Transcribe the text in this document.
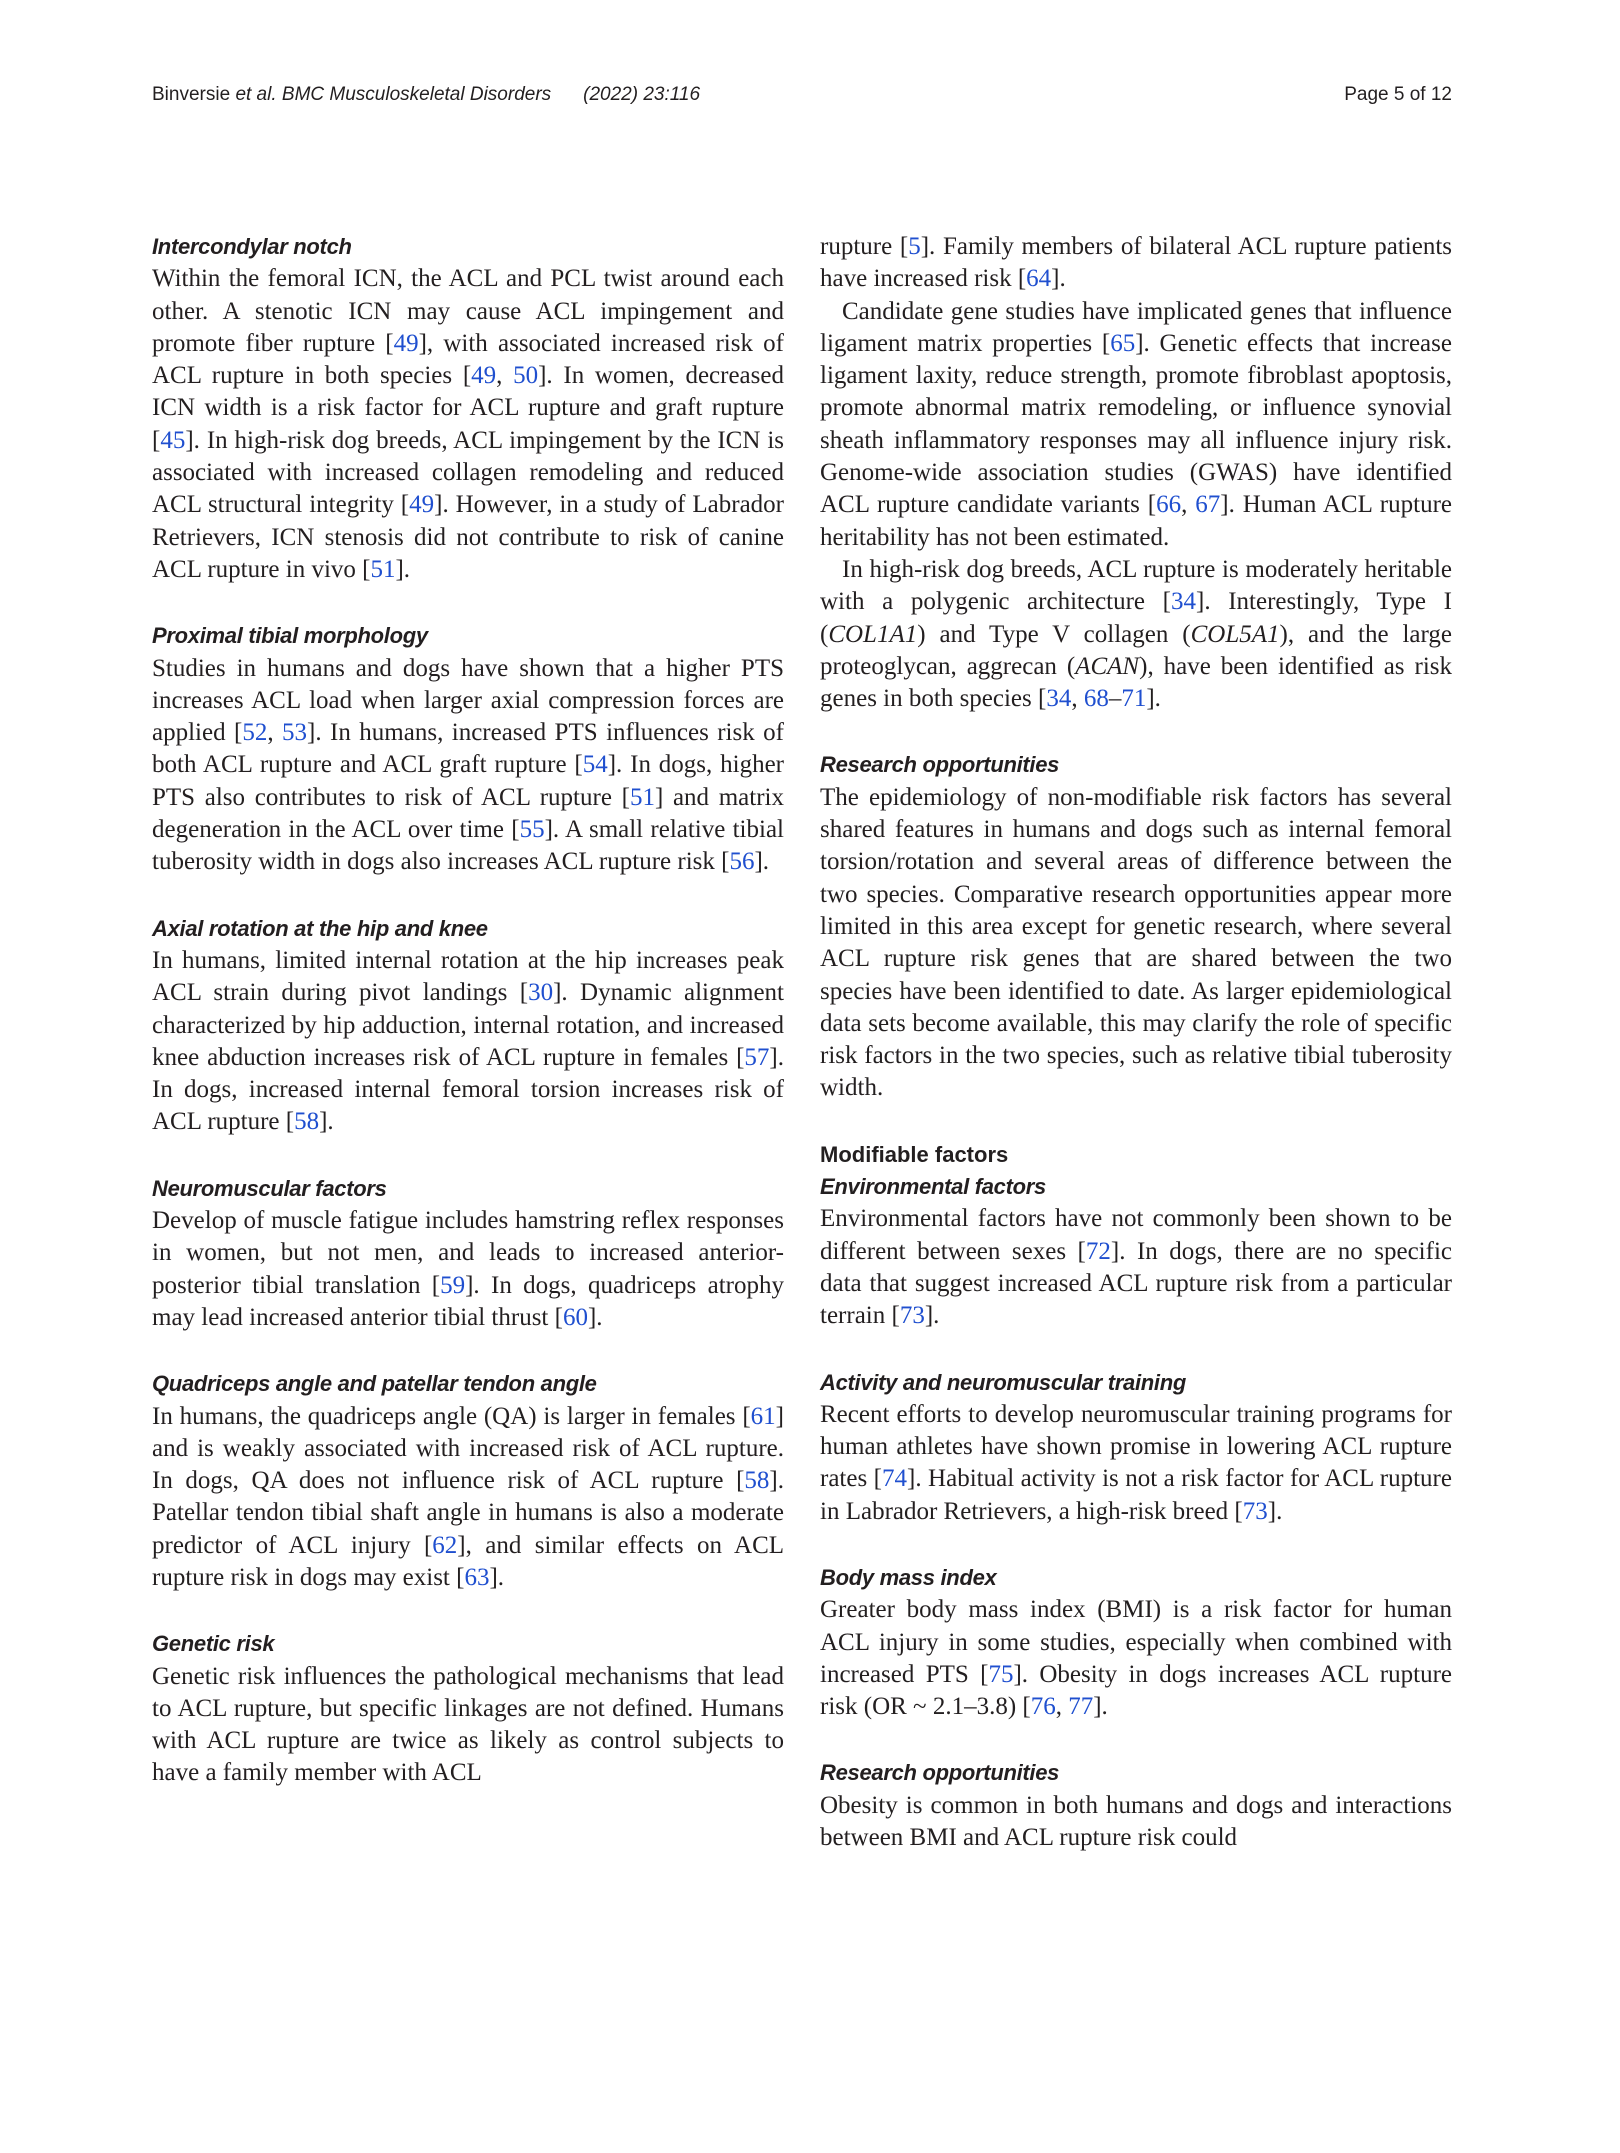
Binversie et al. BMC Musculoskeletal Disorders (2022) 23:116	Page 5 of 12
Intercondylar notch

Within the femoral ICN, the ACL and PCL twist around each other. A stenotic ICN may cause ACL impingement and promote fiber rupture [49], with associated increased risk of ACL rupture in both species [49, 50]. In women, decreased ICN width is a risk factor for ACL rupture and graft rupture [45]. In high-risk dog breeds, ACL impingement by the ICN is associated with increased collagen remodeling and reduced ACL structural integrity [49]. However, in a study of Labrador Retrievers, ICN stenosis did not contribute to risk of canine ACL rupture in vivo [51].

Proximal tibial morphology

Studies in humans and dogs have shown that a higher PTS increases ACL load when larger axial compression forces are applied [52, 53]. In humans, increased PTS influences risk of both ACL rupture and ACL graft rupture [54]. In dogs, higher PTS also contributes to risk of ACL rupture [51] and matrix degeneration in the ACL over time [55]. A small relative tibial tuberosity width in dogs also increases ACL rupture risk [56].

Axial rotation at the hip and knee

In humans, limited internal rotation at the hip increases peak ACL strain during pivot landings [30]. Dynamic alignment characterized by hip adduction, internal rotation, and increased knee abduction increases risk of ACL rupture in females [57]. In dogs, increased internal femoral torsion increases risk of ACL rupture [58].

Neuromuscular factors

Develop of muscle fatigue includes hamstring reflex responses in women, but not men, and leads to increased anterior-posterior tibial translation [59]. In dogs, quadriceps atrophy may lead increased anterior tibial thrust [60].

Quadriceps angle and patellar tendon angle

In humans, the quadriceps angle (QA) is larger in females [61] and is weakly associated with increased risk of ACL rupture. In dogs, QA does not influence risk of ACL rupture [58]. Patellar tendon tibial shaft angle in humans is also a moderate predictor of ACL injury [62], and similar effects on ACL rupture risk in dogs may exist [63].

Genetic risk

Genetic risk influences the pathological mechanisms that lead to ACL rupture, but specific linkages are not defined. Humans with ACL rupture are twice as likely as control subjects to have a family member with ACL

rupture [5]. Family members of bilateral ACL rupture patients have increased risk [64].

Candidate gene studies have implicated genes that influence ligament matrix properties [65]. Genetic effects that increase ligament laxity, reduce strength, promote fibroblast apoptosis, promote abnormal matrix remodeling, or influence synovial sheath inflammatory responses may all influence injury risk. Genome-wide association studies (GWAS) have identified ACL rupture candidate variants [66, 67]. Human ACL rupture heritability has not been estimated.

In high-risk dog breeds, ACL rupture is moderately heritable with a polygenic architecture [34]. Interestingly, Type I (COL1A1) and Type V collagen (COL5A1), and the large proteoglycan, aggrecan (ACAN), have been identified as risk genes in both species [34, 68–71].

Research opportunities

The epidemiology of non-modifiable risk factors has several shared features in humans and dogs such as internal femoral torsion/rotation and several areas of difference between the two species. Comparative research opportunities appear more limited in this area except for genetic research, where several ACL rupture risk genes that are shared between the two species have been identified to date. As larger epidemiological data sets become available, this may clarify the role of specific risk factors in the two species, such as relative tibial tuberosity width.

Modifiable factors
Environmental factors

Environmental factors have not commonly been shown to be different between sexes [72]. In dogs, there are no specific data that suggest increased ACL rupture risk from a particular terrain [73].

Activity and neuromuscular training

Recent efforts to develop neuromuscular training programs for human athletes have shown promise in lowering ACL rupture rates [74]. Habitual activity is not a risk factor for ACL rupture in Labrador Retrievers, a high-risk breed [73].

Body mass index

Greater body mass index (BMI) is a risk factor for human ACL injury in some studies, especially when combined with increased PTS [75]. Obesity in dogs increases ACL rupture risk (OR ~ 2.1–3.8) [76, 77].

Research opportunities

Obesity is common in both humans and dogs and interactions between BMI and ACL rupture risk could
